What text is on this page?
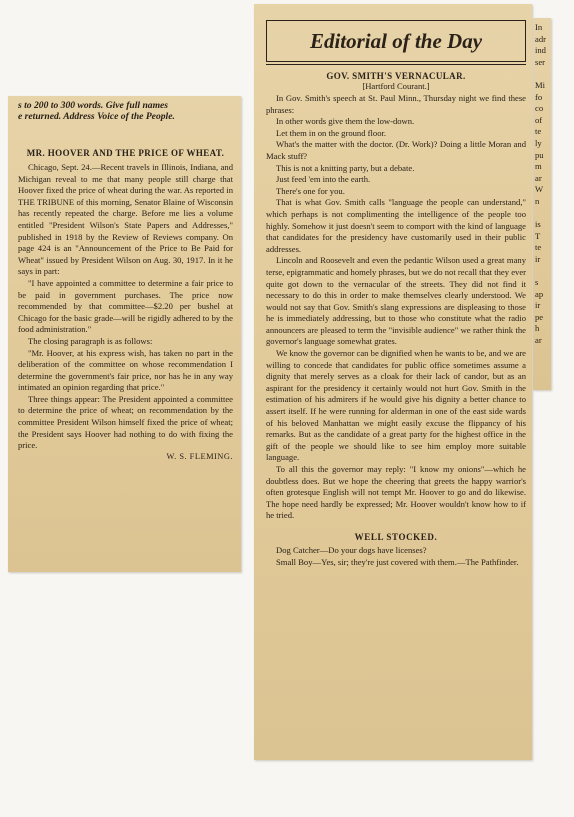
s to 200 to 300 words. Give full names
e returned. Address Voice of the People.
MR. HOOVER AND THE PRICE OF WHEAT.

Chicago, Sept. 24.—Recent travels in Illinois, Indiana, and Michigan reveal to me that many people still charge that Hoover fixed the price of wheat during the war. As reported in THE TRIBUNE of this morning, Senator Blaine of Wisconsin has recently repeated the charge. Before me lies a volume entitled "President Wilson's State Papers and Addresses," published in 1918 by the Review of Reviews company. On page 424 is an "Announcement of the Price to Be Paid for Wheat" issued by President Wilson on Aug. 30, 1917. In it he says in part:

"I have appointed a committee to determine a fair price to be paid in government purchases. The price now recommended by that committee—$2.20 per bushel at Chicago for the basic grade—will be rigidly adhered to by the food administration."

The closing paragraph is as follows:

"Mr. Hoover, at his express wish, has taken no part in the deliberation of the committee on whose recommendation I determine the government's fair price, nor has he in any way intimated an opinion regarding that price."

Three things appear: The President appointed a committee to determine the price of wheat; on recommendation by the committee President Wilson himself fixed the price of wheat; the President says Hoover had nothing to do with fixing the price.

W. S. FLEMING.
Editorial of the Day
GOV. SMITH'S VERNACULAR.
[Hartford Courant.]

In Gov. Smith's speech at St. Paul Minn., Thursday night we find these phrases:

In other words give them the low-down.

Let them in on the ground floor.

What's the matter with the doctor. (Dr. Work)? Doing a little Moran and Mack stuff?

This is not a knitting party, but a debate.

Just feed 'em into the earth.

There's one for you.

That is what Gov. Smith calls "language the people can understand," which perhaps is not complimenting the intelligence of the people too highly. Somehow it just doesn't seem to comport with the kind of language that candidates for the presidency have customarily used in their public addresses.

Lincoln and Roosevelt and even the pedantic Wilson used a great many terse, epigrammatic and homely phrases, but we do not recall that they ever quite got down to the vernacular of the streets. They did not find it necessary to do this in order to make themselves clearly understood. We would not say that Gov. Smith's slang expressions are displeasing to those he is immediately addressing, but to those who constitute what the radio announcers are pleased to term the "invisible audience" we rather think the governor's language somewhat grates.

We know the governor can be dignified when he wants to be, and we are willing to concede that candidates for public office sometimes assume a dignity that merely serves as a cloak for their lack of candor, but as an aspirant for the presidency it certainly would not hurt Gov. Smith in the estimation of his admirers if he would give his dignity a better chance to assert itself. If he were running for alderman in one of the east side wards of his beloved Manhattan we might easily excuse the flippancy of his remarks. But as the candidate of a great party for the highest office in the gift of the people we should like to see him employ more suitable language.

To all this the governor may reply: "I know my onions"—which he doubtless does. But we hope the cheering that greets the happy warrior's often grotesque English will not tempt Mr. Hoover to go and do likewise. The hope need hardly be expressed; Mr. Hoover wouldn't know how to if he tried.

WELL STOCKED.

Dog Catcher—Do your dogs have licenses?

Small Boy—Yes, sir; they're just covered with them.—The Pathfinder.

In
adr
ind
ser

Mi
fo
co
of
te
ly
pu
m
ar
W
n

is
T
te
ir

s
ap
ir
pe
h
ar
